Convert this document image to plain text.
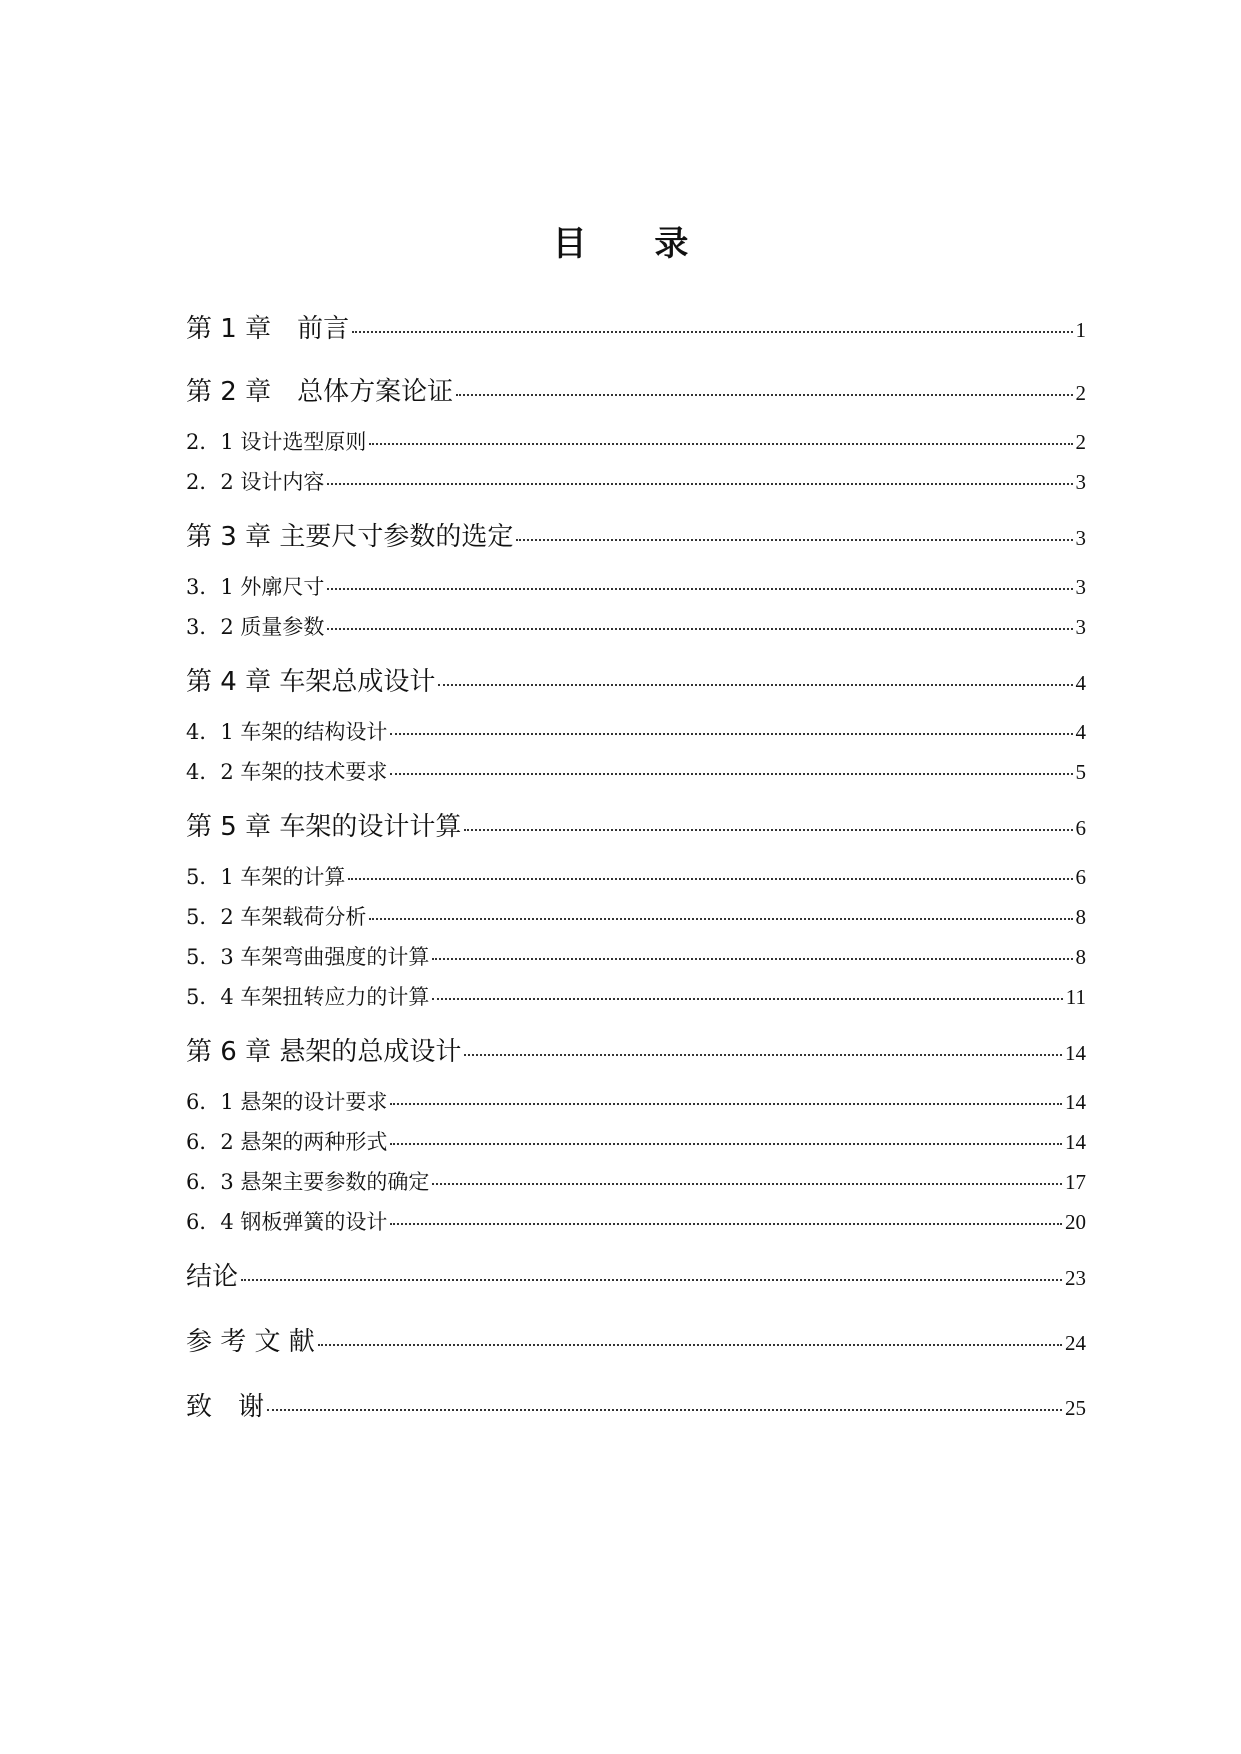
目 录
第 1 章　前言	1
第 2 章　总体方案论证	2
2．1 设计选型原则	2
2．2 设计内容	3
第 3 章 主要尺寸参数的选定	3
3．1 外廓尺寸	3
3．2 质量参数	3
第 4 章 车架总成设计	4
4．1 车架的结构设计	4
4．2 车架的技术要求	5
第 5 章 车架的设计计算	6
5．1 车架的计算	6
5．2 车架载荷分析	8
5．3 车架弯曲强度的计算	8
5．4 车架扭转应力的计算	11
第 6 章 悬架的总成设计	14
6．1 悬架的设计要求	14
6．2 悬架的两种形式	14
6．3 悬架主要参数的确定	17
6．4 钢板弹簧的设计	20
结论	23
参 考 文 献	24
致　谢	25
